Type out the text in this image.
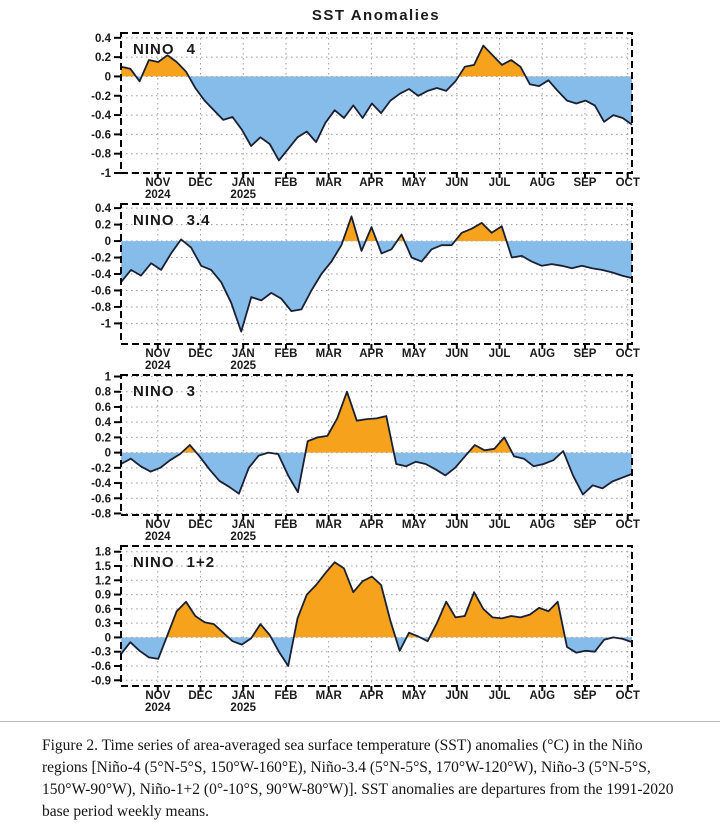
SST Anomalies
0.4
0.2
0
-0.2
-0.4
-0.6
-0.8
-1
NOV DEC JAN FEB MAR APR MAY JUN JUL AUG SEP OCT
2024	2025
NINO 4
0.4
0.2
0
-0.2
-0.4
-0.6
-0.8
-1
NOV DEC JAN FEB MAR APR MAY JUN JUL AUG SEP OCT
2024	2025
NINO 3.4
1
0.8
0.6
0.4
0.2
0
-0.2
-0.4
-0.6
-0.8
NOV DEC JAN FEB MAR APR MAY JUN JUL AUG SEP OCT
2024	2025
NINO 3
1.8
1.5
1.2
0.9
0.6
0.3
0
-0.3
-0.6
-0.9
NOV DEC JAN FEB MAR APR MAY JUN JUL AUG SEP OCT
2024	2025
NINO 1+2
Figure 2. Time series of area-averaged sea surface temperature (SST) anomalies (°C) in the Niño regions [Niño-4 (5°N-5°S, 150°W-160°E), Niño-3.4 (5°N-5°S, 170°W-120°W), Niño-3 (5°N-5°S, 150°W-90°W), Niño-1+2 (0°-10°S, 90°W-80°W)]. SST anomalies are departures from the 1991-2020 base period weekly means.
